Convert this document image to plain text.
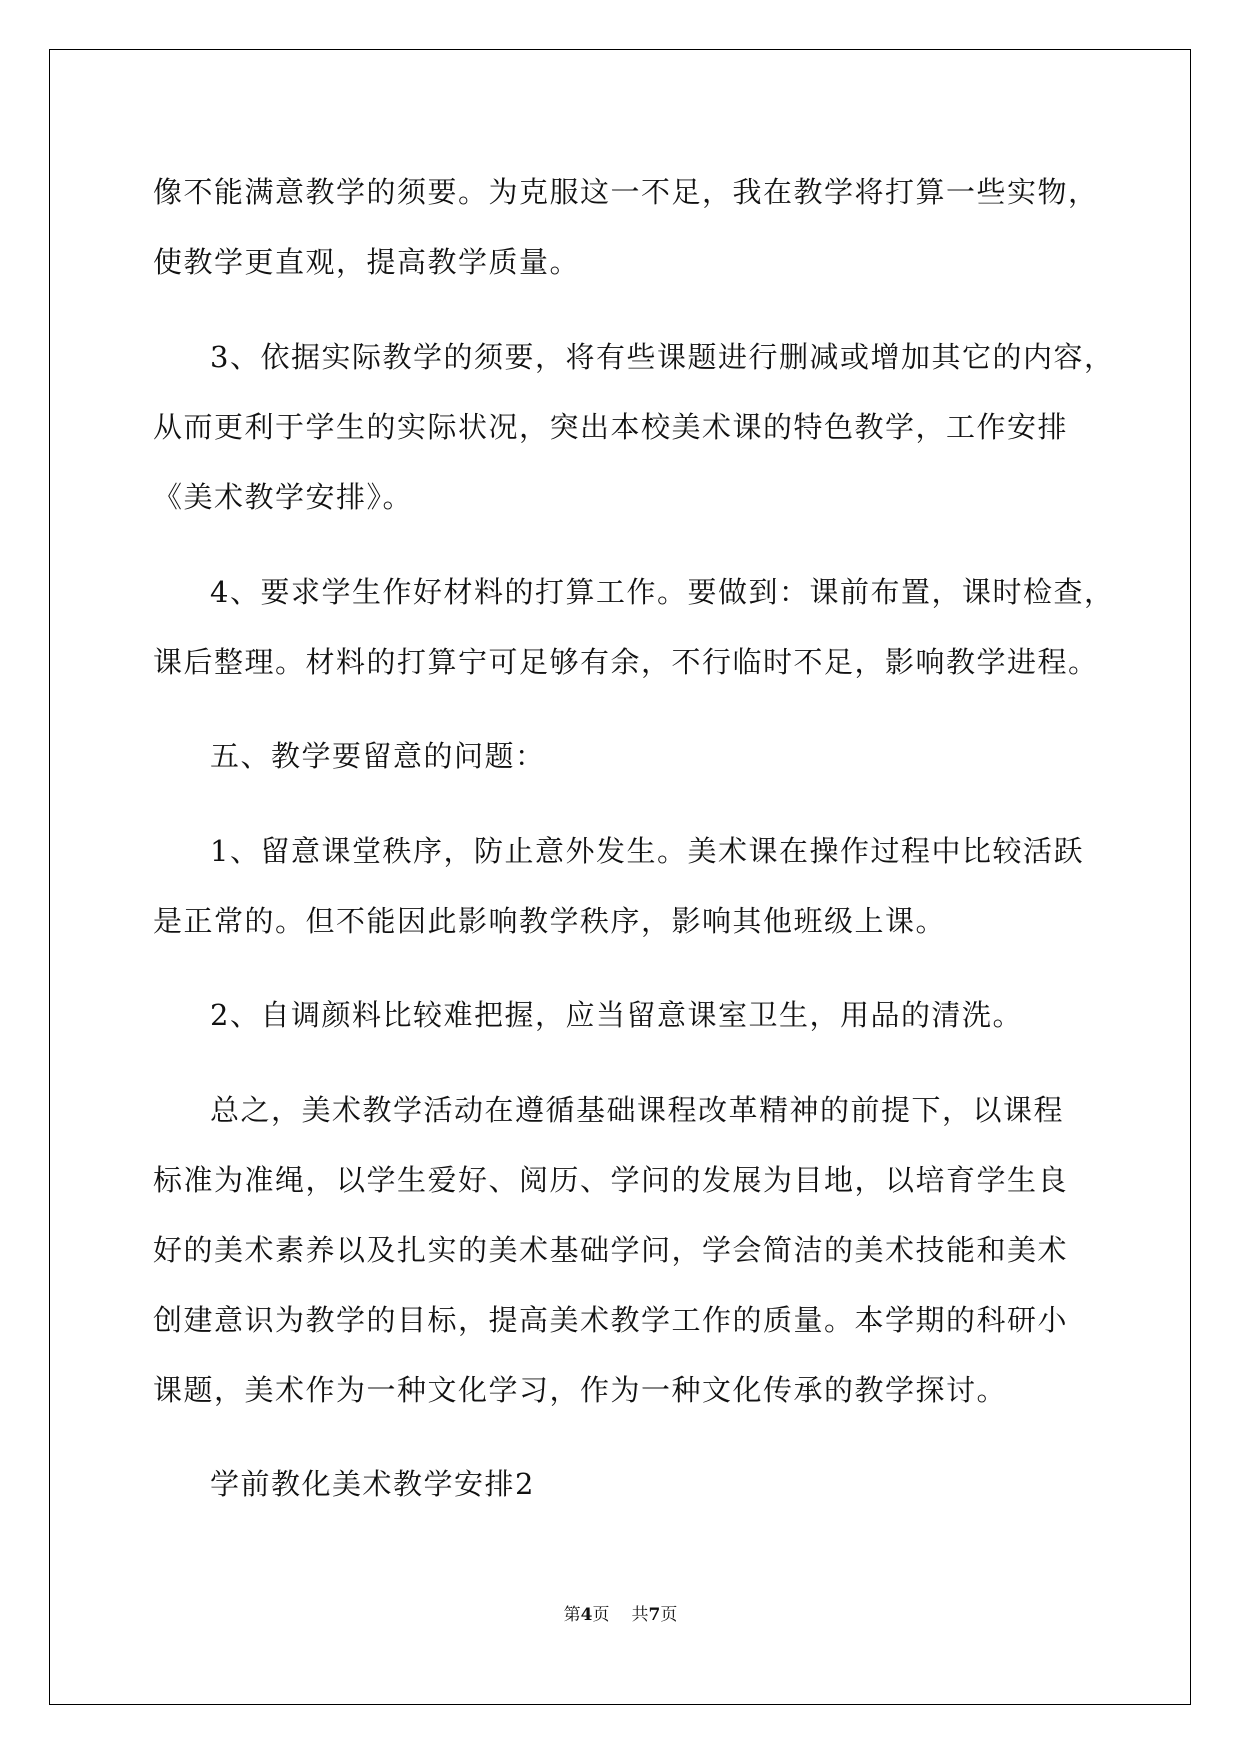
像不能满意教学的须要。为克服这一不足，我在教学将打算一些实物，

使教学更直观，提高教学质量。

3、依据实际教学的须要，将有些课题进行删减或增加其它的内容，

从而更利于学生的实际状况，突出本校美术课的特色教学，工作安排

《美术教学安排》。

4、要求学生作好材料的打算工作。要做到：课前布置，课时检查，

课后整理。材料的打算宁可足够有余，不行临时不足，影响教学进程。

五、教学要留意的问题：

1、留意课堂秩序，防止意外发生。美术课在操作过程中比较活跃

是正常的。但不能因此影响教学秩序，影响其他班级上课。

2、自调颜料比较难把握，应当留意课室卫生，用品的清洗。

总之，美术教学活动在遵循基础课程改革精神的前提下，以课程

标准为准绳，以学生爱好、阅历、学问的发展为目地，以培育学生良

好的美术素养以及扎实的美术基础学问，学会简洁的美术技能和美术

创建意识为教学的目标，提高美术教学工作的质量。本学期的科研小

课题，美术作为一种文化学习，作为一种文化传承的教学探讨。

学前教化美术教学安排2

第4页 共7页
